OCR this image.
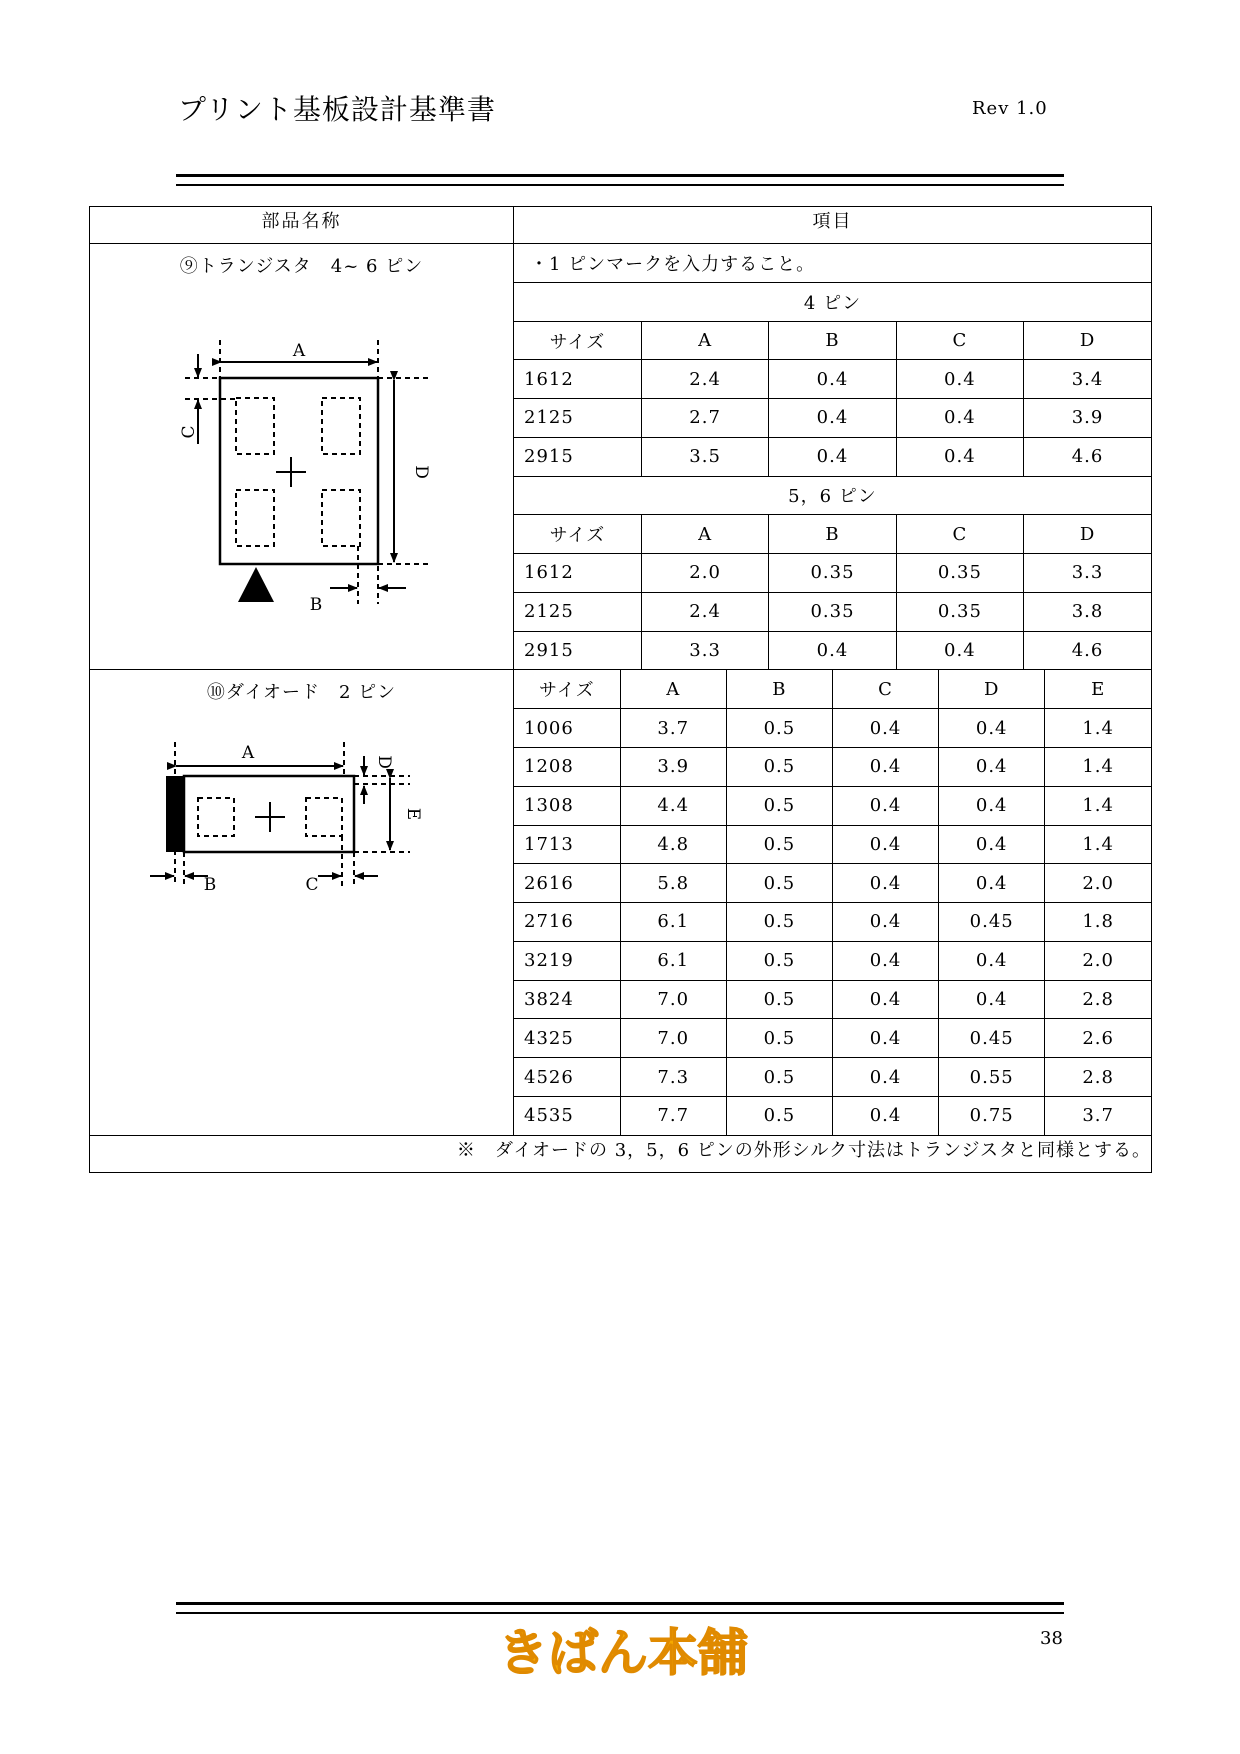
プリント基板設計基準書	Rev 1.0
部品名称	項目

⑨トランジスタ　4~ 6 ピン
A
B
C
D

・1 ピンマークを入力すること。
4 ピン
サイズ	A	B	C	D
1612	2.4	0.4	0.4	3.4
2125	2.7	0.4	0.4	3.9
2915	3.5	0.4	0.4	4.6
5，6 ピン
サイズ	A	B	C	D
1612	2.0	0.35	0.35	3.3
2125	2.4	0.35	0.35	3.8
2915	3.3	0.4	0.4	4.6

⑩ダイオード　2 ピン
A
B	C
D
E

サイズ	A	B	C	D	E
1006	3.7	0.5	0.4	0.4	1.4
1208	3.9	0.5	0.4	0.4	1.4
1308	4.4	0.5	0.4	0.4	1.4
1713	4.8	0.5	0.4	0.4	1.4
2616	5.8	0.5	0.4	0.4	2.0
2716	6.1	0.5	0.4	0.45	1.8
3219	6.1	0.5	0.4	0.4	2.0
3824	7.0	0.5	0.4	0.4	2.8
4325	7.0	0.5	0.4	0.45	2.6
4526	7.3	0.5	0.4	0.55	2.8
4535	7.7	0.5	0.4	0.75	3.7

※　ダイオードの 3，5，6 ピンの外形シルク寸法はトランジスタと同様とする。
きばん本舗	38
